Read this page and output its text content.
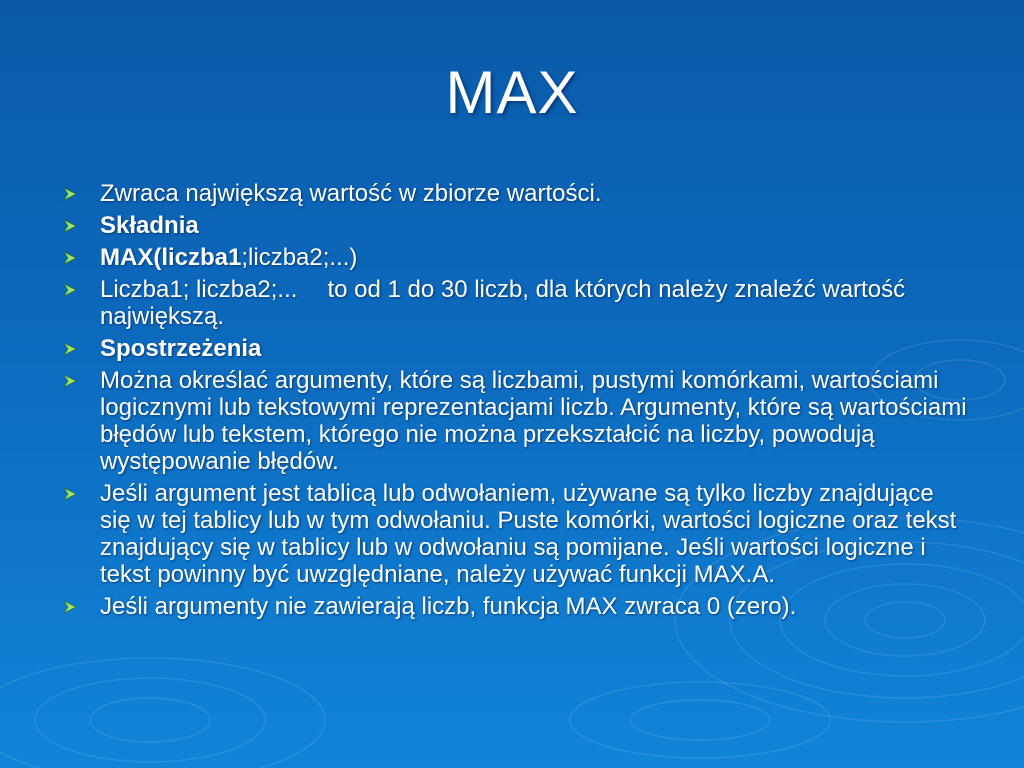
MAX
Zwraca największą wartość w zbiorze wartości.
Składnia
MAX(liczba1;liczba2;...)
Liczba1; liczba2;... to od 1 do 30 liczb, dla których należy znaleźć wartość największą.
Spostrzeżenia
Można określać argumenty, które są liczbami, pustymi komórkami, wartościami logicznymi lub tekstowymi reprezentacjami liczb. Argumenty, które są wartościami błędów lub tekstem, którego nie można przekształcić na liczby, powodują występowanie błędów.
Jeśli argument jest tablicą lub odwołaniem, używane są tylko liczby znajdujące się w tej tablicy lub w tym odwołaniu. Puste komórki, wartości logiczne oraz tekst znajdujący się w tablicy lub w odwołaniu są pomijane. Jeśli wartości logiczne i tekst powinny być uwzględniane, należy używać funkcji MAX.A.
Jeśli argumenty nie zawierają liczb, funkcja MAX zwraca 0 (zero).
